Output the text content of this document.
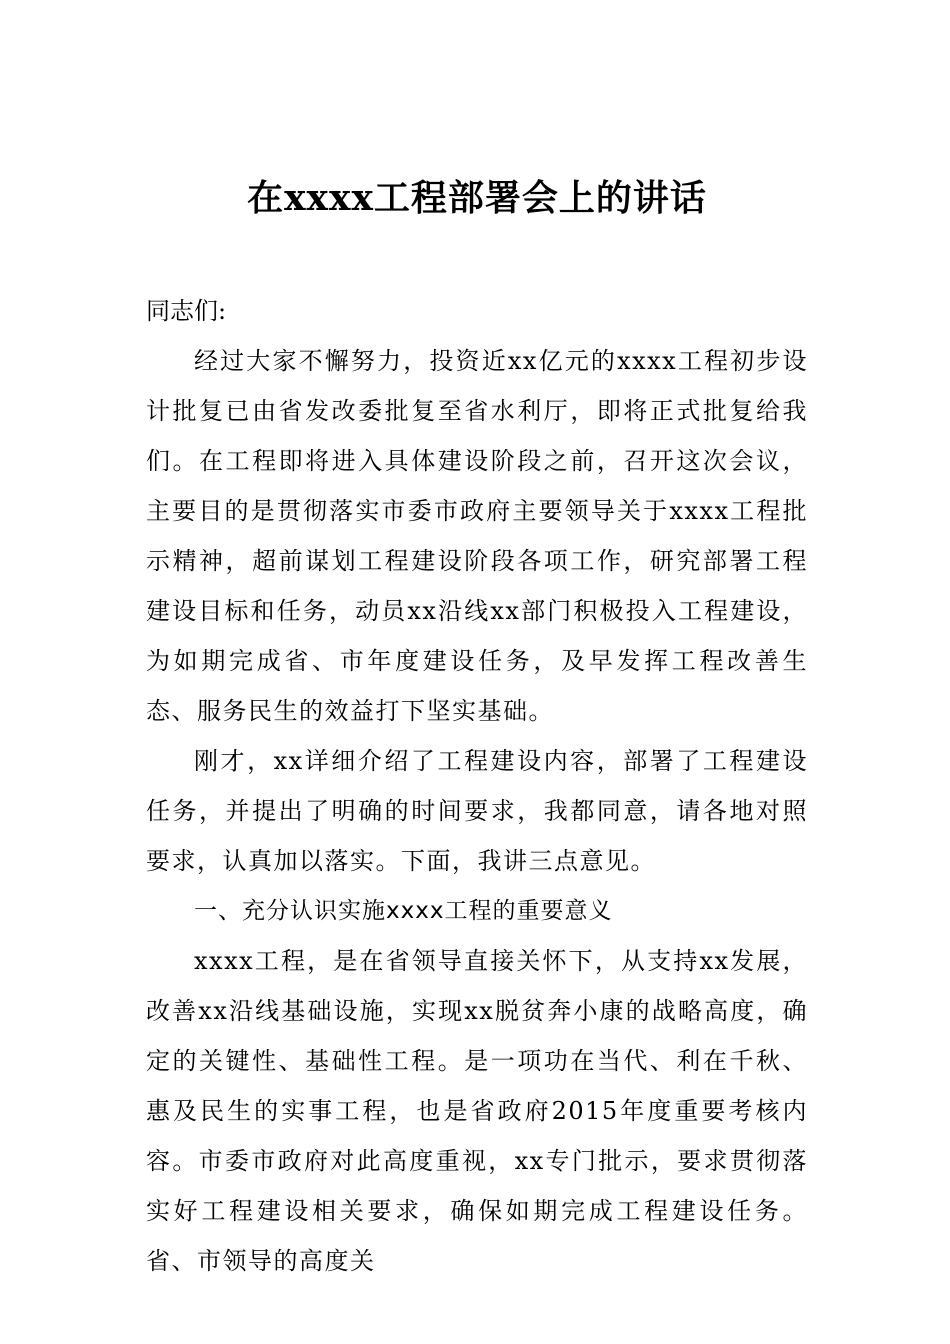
在xxxx工程部署会上的讲话

同志们:

经过大家不懈努力，投资近xx亿元的xxxx工程初步设计批复已由省发改委批复至省水利厅，即将正式批复给我们。在工程即将进入具体建设阶段之前，召开这次会议，主要目的是贯彻落实市委市政府主要领导关于xxxx工程批示精神，超前谋划工程建设阶段各项工作，研究部署工程建设目标和任务，动员xx沿线xx部门积极投入工程建设，为如期完成省、市年度建设任务，及早发挥工程改善生态、服务民生的效益打下坚实基础。

刚才，xx详细介绍了工程建设内容，部署了工程建设任务，并提出了明确的时间要求，我都同意，请各地对照要求，认真加以落实。下面，我讲三点意见。

一、充分认识实施xxxx工程的重要意义

xxxx工程，是在省领导直接关怀下，从支持xx发展，改善xx沿线基础设施，实现xx脱贫奔小康的战略高度，确定的关键性、基础性工程。是一项功在当代、利在千秋、惠及民生的实事工程，也是省政府2015年度重要考核内容。市委市政府对此高度重视，xx专门批示，要求贯彻落实好工程建设相关要求，确保如期完成工程建设任务。省、市领导的高度关
